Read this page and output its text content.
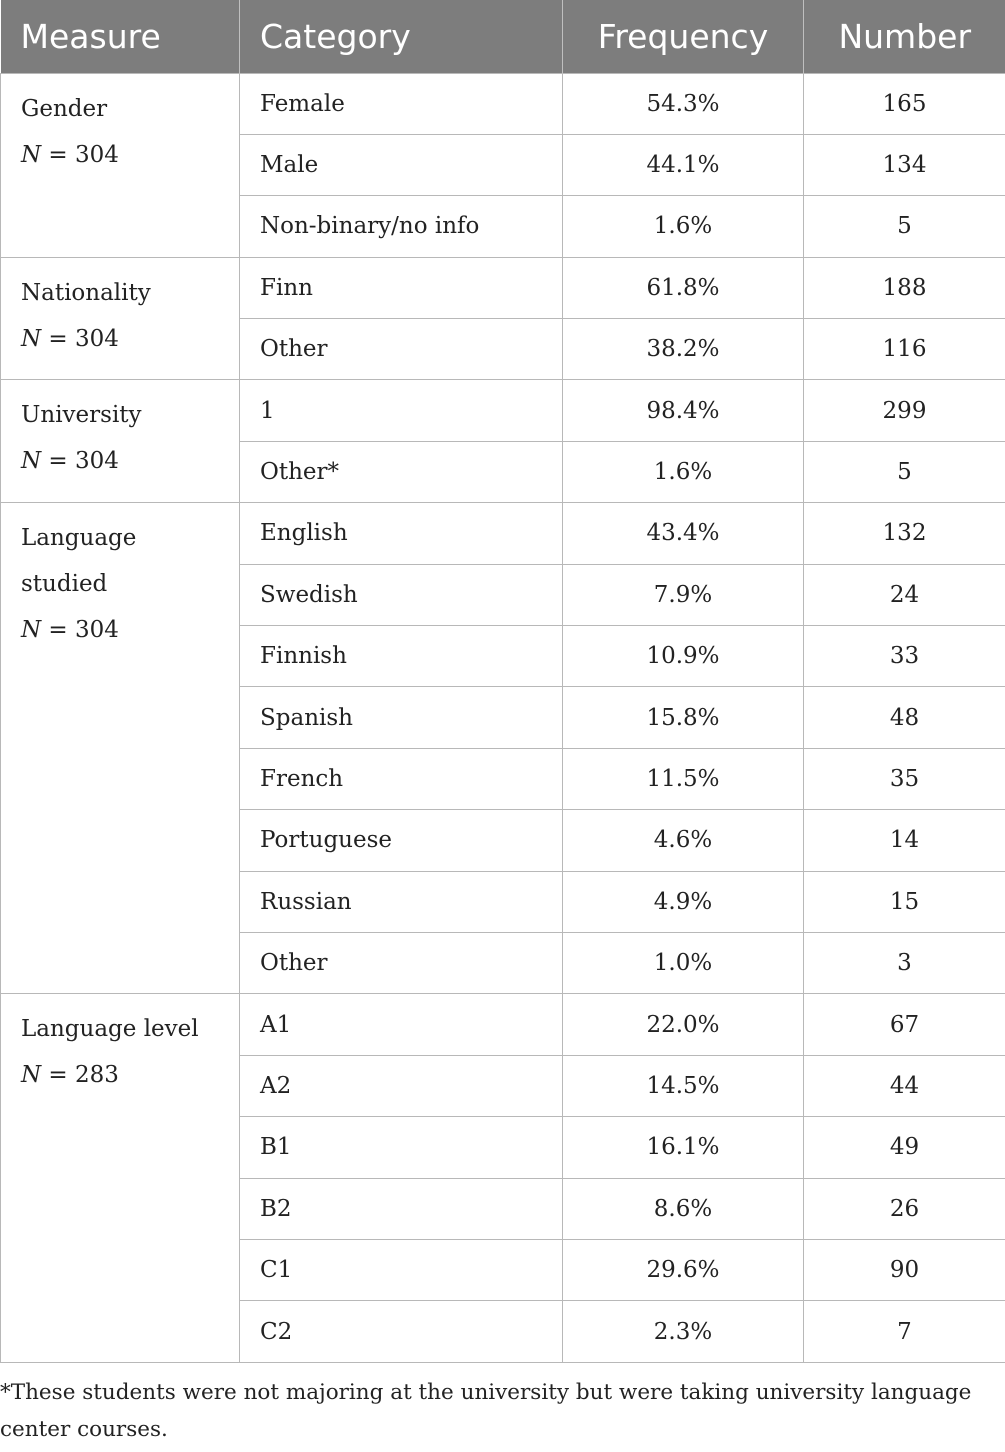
Measure	Category	Frequency	Number

Gender
N = 304	Female	54.3%	165
	Male	44.1%	134
	Non-binary/no info	1.6%	5

Nationality
N = 304	Finn	61.8%	188
	Other	38.2%	116

University
N = 304	1	98.4%	299
	Other*	1.6%	5

Language
studied
N = 304	English	43.4%	132
	Swedish	7.9%	24
	Finnish	10.9%	33
	Spanish	15.8%	48
	French	11.5%	35
	Portuguese	4.6%	14
	Russian	4.9%	15
	Other	1.0%	3

Language level
N = 283	A1	22.0%	67
	A2	14.5%	44
	B1	16.1%	49
	B2	8.6%	26
	C1	29.6%	90
	C2	2.3%	7
*These students were not majoring at the university but were taking university language center courses.
